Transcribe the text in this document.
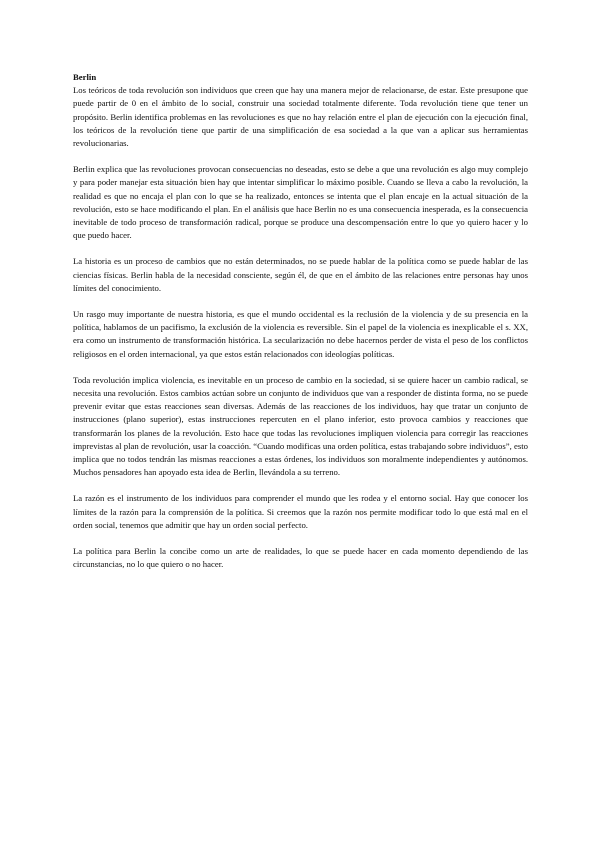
Berlin

Los teóricos de toda revolución son individuos que creen que hay una manera mejor de relacionarse, de estar. Este presupone que puede partir de 0 en el ámbito de lo social, construir una sociedad totalmente diferente. Toda revolución tiene que tener un propósito. Berlin identifica problemas en las revoluciones es que no hay relación entre el plan de ejecución con la ejecución final, los teóricos de la revolución tiene que partir de una simplificación de esa sociedad a la que van a aplicar sus herramientas revolucionarias.

Berlin explica que las revoluciones provocan consecuencias no deseadas, esto se debe a que una revolución es algo muy complejo y para poder manejar esta situación bien hay que intentar simplificar lo máximo posible. Cuando se lleva a cabo la revolución, la realidad es que no encaja el plan con lo que se ha realizado, entonces se intenta que el plan encaje en la actual situación de la revolución, esto se hace modificando el plan. En el análisis que hace Berlin no es una consecuencia inesperada, es la consecuencia inevitable de todo proceso de transformación radical, porque se produce una descompensación entre lo que yo quiero hacer y lo que puedo hacer.

La historia es un proceso de cambios que no están determinados, no se puede hablar de la política como se puede hablar de las ciencias físicas. Berlin habla de la necesidad consciente, según él, de que en el ámbito de las relaciones entre personas hay unos límites del conocimiento.

Un rasgo muy importante de nuestra historia, es que el mundo occidental es la reclusión de la violencia y de su presencia en la política, hablamos de un pacifismo, la exclusión de la violencia es reversible. Sin el papel de la violencia es inexplicable el s. XX, era como un instrumento de transformación histórica. La secularización no debe hacernos perder de vista el peso de los conflictos religiosos en el orden internacional, ya que estos están relacionados con ideologías políticas.

Toda revolución implica violencia, es inevitable en un proceso de cambio en la sociedad, si se quiere hacer un cambio radical, se necesita una revolución. Estos cambios actúan sobre un conjunto de individuos que van a responder de distinta forma, no se puede prevenir evitar que estas reacciones sean diversas. Además de las reacciones de los individuos, hay que tratar un conjunto de instrucciones (plano superior), estas instrucciones repercuten en el plano inferior, esto provoca cambios y reacciones que transformarán los planes de la revolución. Esto hace que todas las revoluciones impliquen violencia para corregir las reacciones imprevistas al plan de revolución, usar la coacción. “Cuando modificas una orden política, estas trabajando sobre individuos”, esto implica que no todos tendrán las mismas reacciones a estas órdenes, los individuos son moralmente independientes y autónomos. Muchos pensadores han apoyado esta idea de Berlin, llevándola a su terreno.

La razón es el instrumento de los individuos para comprender el mundo que les rodea y el entorno social. Hay que conocer los límites de la razón para la comprensión de la política. Si creemos que la razón nos permite modificar todo lo que está mal en el orden social, tenemos que admitir que hay un orden social perfecto.

La política para Berlin la concibe como un arte de realidades, lo que se puede hacer en cada momento dependiendo de las circunstancias, no lo que quiero o no hacer.
